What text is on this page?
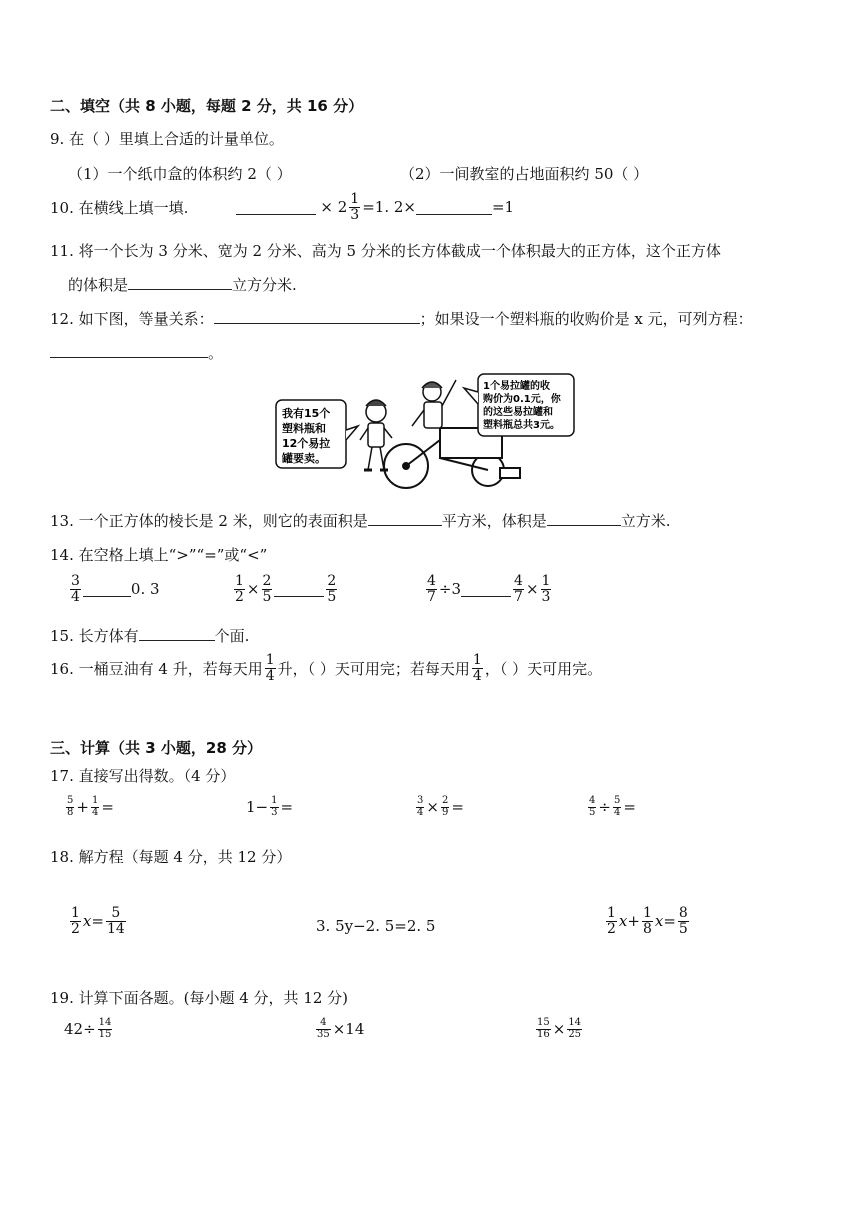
二、填空（共 8 小题，每题 2 分，共 16 分）
9. 在（ ）里填上合适的计量单位。
（1）一个纸巾盒的体积约 2（ ）	（2）一间教室的占地面积约 50（ ）
10. 在横线上填一填.	× $2 \frac{1}{3} =1$. 2×	=1
11. 将一个长为 3 分米、宽为 2 分米、高为 5 分米的长方体截成一个体积最大的正方体，这个正方体
的体积是	立方分米.
12. 如下图，等量关系：	；如果设一个塑料瓶的收购价是 x 元，可列方程：
。
我有15个
塑料瓶和
12个易拉
罐要卖。
1个易拉罐的收
购价为0.1元，你
的这些易拉罐和
塑料瓶总共3元。
13. 一个正方体的棱长是 2 米，则它的表面积是	平方米，体积是	立方米.
14. 在空格上填上“>”“=”或“<”
$\frac{3}{4}$	0. 3	$\frac{1}{2} \times \frac{2}{5}$	$\frac{2}{5}$	$\frac{4}{7} \div 3$	$\frac{4}{7} \times \frac{1}{3}$
15. 长方体有	个面.
16. 一桶豆油有 4 升，若每天用 $\frac{1}{4}$ 升，（ ）天可用完；若每天用 $\frac{1}{4}$ ，（ ）天可用完。
三、计算（共 3 小题，28 分）
17. 直接写出得数。（4 分）
$\frac{5}{8} + \frac{1}{4}$ =	$1- \frac{1}{3}$ =	$\frac{3}{4} \times \frac{2}{9}$ =	$\frac{4}{5} \div \frac{5}{4}$ =
18. 解方程（每题 4 分，共 12 分）
$\frac{1}{2} x= \frac{5}{14}$	3. 5y−2. 5=2. 5	$\frac{1}{2} x+ \frac{1}{8} x= \frac{8}{5}$
19. 计算下面各题。(每小题 4 分，共 12 分)
$42\div \frac{14}{15}$	$\frac{4}{35} \times 14$	$\frac{15}{16} \times \frac{14}{25}$
